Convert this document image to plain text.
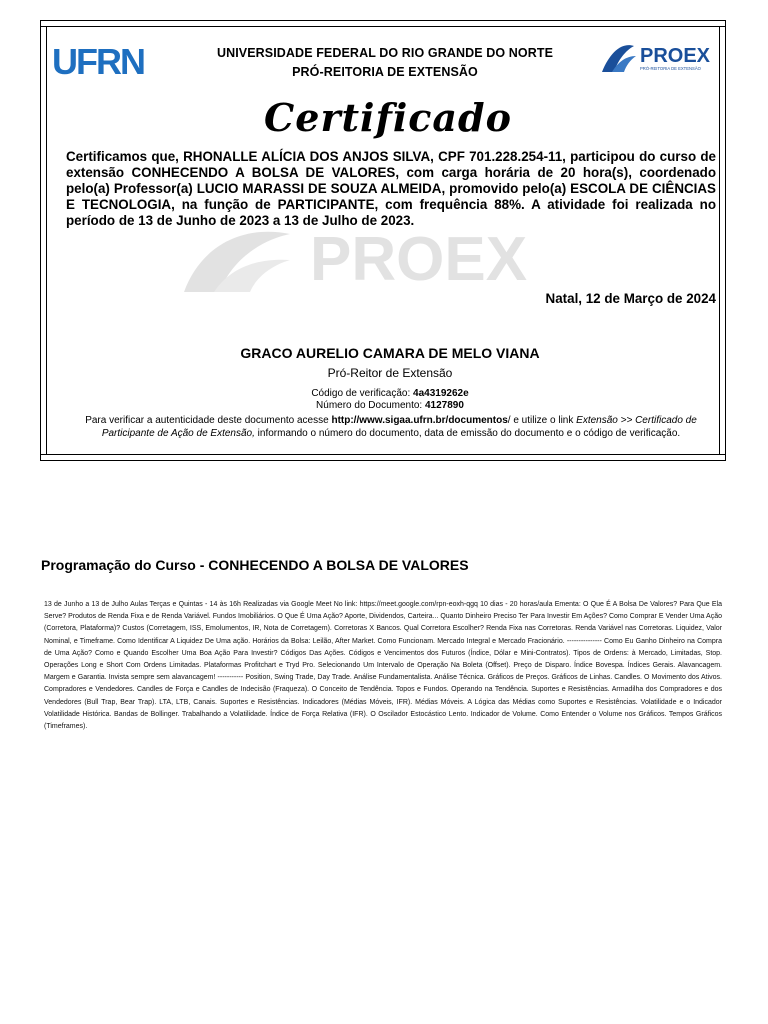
UFRN	PROEX
PRÓ-REITORIA DE EXTENSÃO
UNIVERSIDADE FEDERAL DO RIO GRANDE DO NORTE
PRÓ-REITORIA DE EXTENSÃO
Certificado
PROEX
Certificamos que, RHONALLE ALÍCIA DOS ANJOS SILVA, CPF 701.228.254-11, participou do curso de extensão CONHECENDO A BOLSA DE VALORES, com carga horária de 20 hora(s), coordenado pelo(a) Professor(a) LUCIO MARASSI DE SOUZA ALMEIDA, promovido pelo(a) ESCOLA DE CIÊNCIAS E TECNOLOGIA, na função de PARTICIPANTE, com frequência 88%. A atividade foi realizada no período de 13 de Junho de 2023 a 13 de Julho de 2023.
Natal, 12 de Março de 2024
GRACO AURELIO CAMARA DE MELO VIANA
Pró-Reitor de Extensão
Código de verificação: 4a4319262e
Número do Documento: 4127890
Para verificar a autenticidade deste documento acesse http://www.sigaa.ufrn.br/documentos/ e utilize o link Extensão >> Certificado de Participante de Ação de Extensão, informando o número do documento, data de emissão do documento e o código de verificação.
Programação do Curso - CONHECENDO A BOLSA DE VALORES
13 de Junho a 13 de Julho Aulas Terças e Quintas - 14 às 16h Realizadas via Google Meet No link: https://meet.google.com/rpn-eoxh-qgq 10 dias - 20 horas/aula Ementa: O Que É A Bolsa De Valores? Para Que Ela Serve? Produtos de Renda Fixa e de Renda Variável. Fundos Imobiliários. O Que É Uma Ação? Aporte, Dividendos, Carteira... Quanto Dinheiro Preciso Ter Para Investir Em Ações? Como Comprar E Vender Uma Ação (Corretora, Plataforma)? Custos (Corretagem, ISS, Emolumentos, IR, Nota de Corretagem). Corretoras X Bancos. Qual Corretora Escolher? Renda Fixa nas Corretoras. Renda Variável nas Corretoras. Liquidez, Valor Nominal, e Timeframe. Como Identificar A Liquidez De Uma ação. Horários da Bolsa: Leilão, After Market. Como Funcionam. Mercado Integral e Mercado Fracionário. --------------- Como Eu Ganho Dinheiro na Compra de Uma Ação? Como e Quando Escolher Uma Boa Ação Para Investir? Códigos Das Ações. Códigos e Vencimentos dos Futuros (Índice, Dólar e Mini-Contratos). Tipos de Ordens: à Mercado, Limitadas, Stop. Operações Long e Short Com Ordens Limitadas. Plataformas Profitchart e Tryd Pro. Selecionando Um Intervalo de Operação Na Boleta (Offset). Preço de Disparo. Índice Bovespa. Índices Gerais. Alavancagem. Margem e Garantia. Invista sempre sem alavancagem! ----------- Position, Swing Trade, Day Trade. Análise Fundamentalista. Análise Técnica. Gráficos de Preços. Gráficos de Linhas. Candles. O Movimento dos Ativos. Compradores e Vendedores. Candles de Força e Candles de Indecisão (Fraqueza). O Conceito de Tendência. Topos e Fundos. Operando na Tendência. Suportes e Resistências. Armadilha dos Compradores e dos Vendedores (Bull Trap, Bear Trap). LTA, LTB, Canais. Suportes e Resistências. Indicadores (Médias Móveis, IFR). Médias Móveis. A Lógica das Médias como Suportes e Resistências. Volatilidade e o Indicador Volatilidade Histórica. Bandas de Bollinger. Trabalhando a Volatilidade. Índice de Força Relativa (IFR). O Oscilador Estocástico Lento. Indicador de Volume. Como Entender o Volume nos Gráficos. Tempos Gráficos (Timeframes).
